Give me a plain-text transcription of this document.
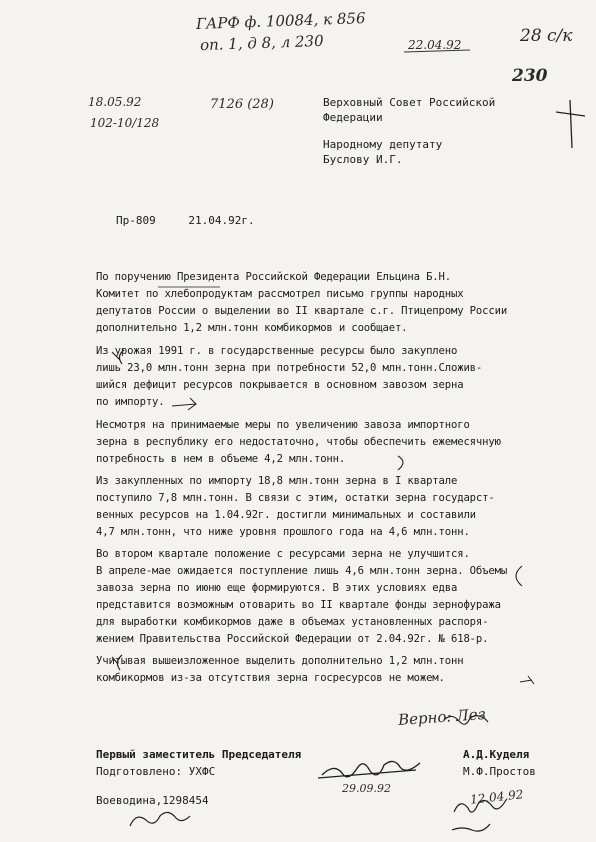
ГАРФ ф. 10084, к 856
оп. 1, д 8, л 230	22.04.92	28 с/к
230
18.05.92
102-10/128
7126 (28)	Верховный Совет Российской
Федерации
Народному депутату
Буслову И.Г.
Пр-809	21.04.92г.
По поручению Президента Российской Федерации Ельцина Б.Н.
Комитет по хлебопродуктам рассмотрел письмо группы народных
депутатов России о выделении во II квартале с.г. Птицепрому России
дополнительно 1,2 млн.тонн комбикормов и сообщает.
Из урожая 1991 г. в государственные ресурсы было закуплено
лишь 23,0 млн.тонн зерна при потребности 52,0 млн.тонн.Сложив-
шийся дефицит ресурсов покрывается в основном завозом зерна
по импорту.
Несмотря на принимаемые меры по увеличению завоза импортного
зерна в республику его недостаточно, чтобы обеспечить ежемесячную
потребность в нем в объеме 4,2 млн.тонн.
Из закупленных по импорту 18,8 млн.тонн зерна в I квартале
поступило 7,8 млн.тонн. В связи с этим, остатки зерна государст-
венных ресурсов на 1.04.92г. достигли минимальных и составили
4,7 млн.тонн, что ниже уровня прошлого года на 4,6 млн.тонн.
Во втором квартале положение с ресурсами зерна не улучшится.
В апреле-мае ожидается поступление лишь 4,6 млн.тонн зерна. Объемы
завоза зерна по июню еще формируются. В этих условиях едва
представится возможным отоварить во II квартале фонды зернофуража
для выработки комбикормов даже в объемах установленных распоря-
жением Правительства Российской Федерации от 2.04.92г. № 618-р.
Учитывая вышеизложенное выделить дополнительно 1,2 млн.тонн
комбикормов из-за отсутствия зерна госресурсов не можем.
Верно: Лез
Первый заместитель Председателя	А.Д.Куделя
Подготовлено: УХФС	М.Ф.Простов
Воеводина,1298454
29.09.92	12.04.92
